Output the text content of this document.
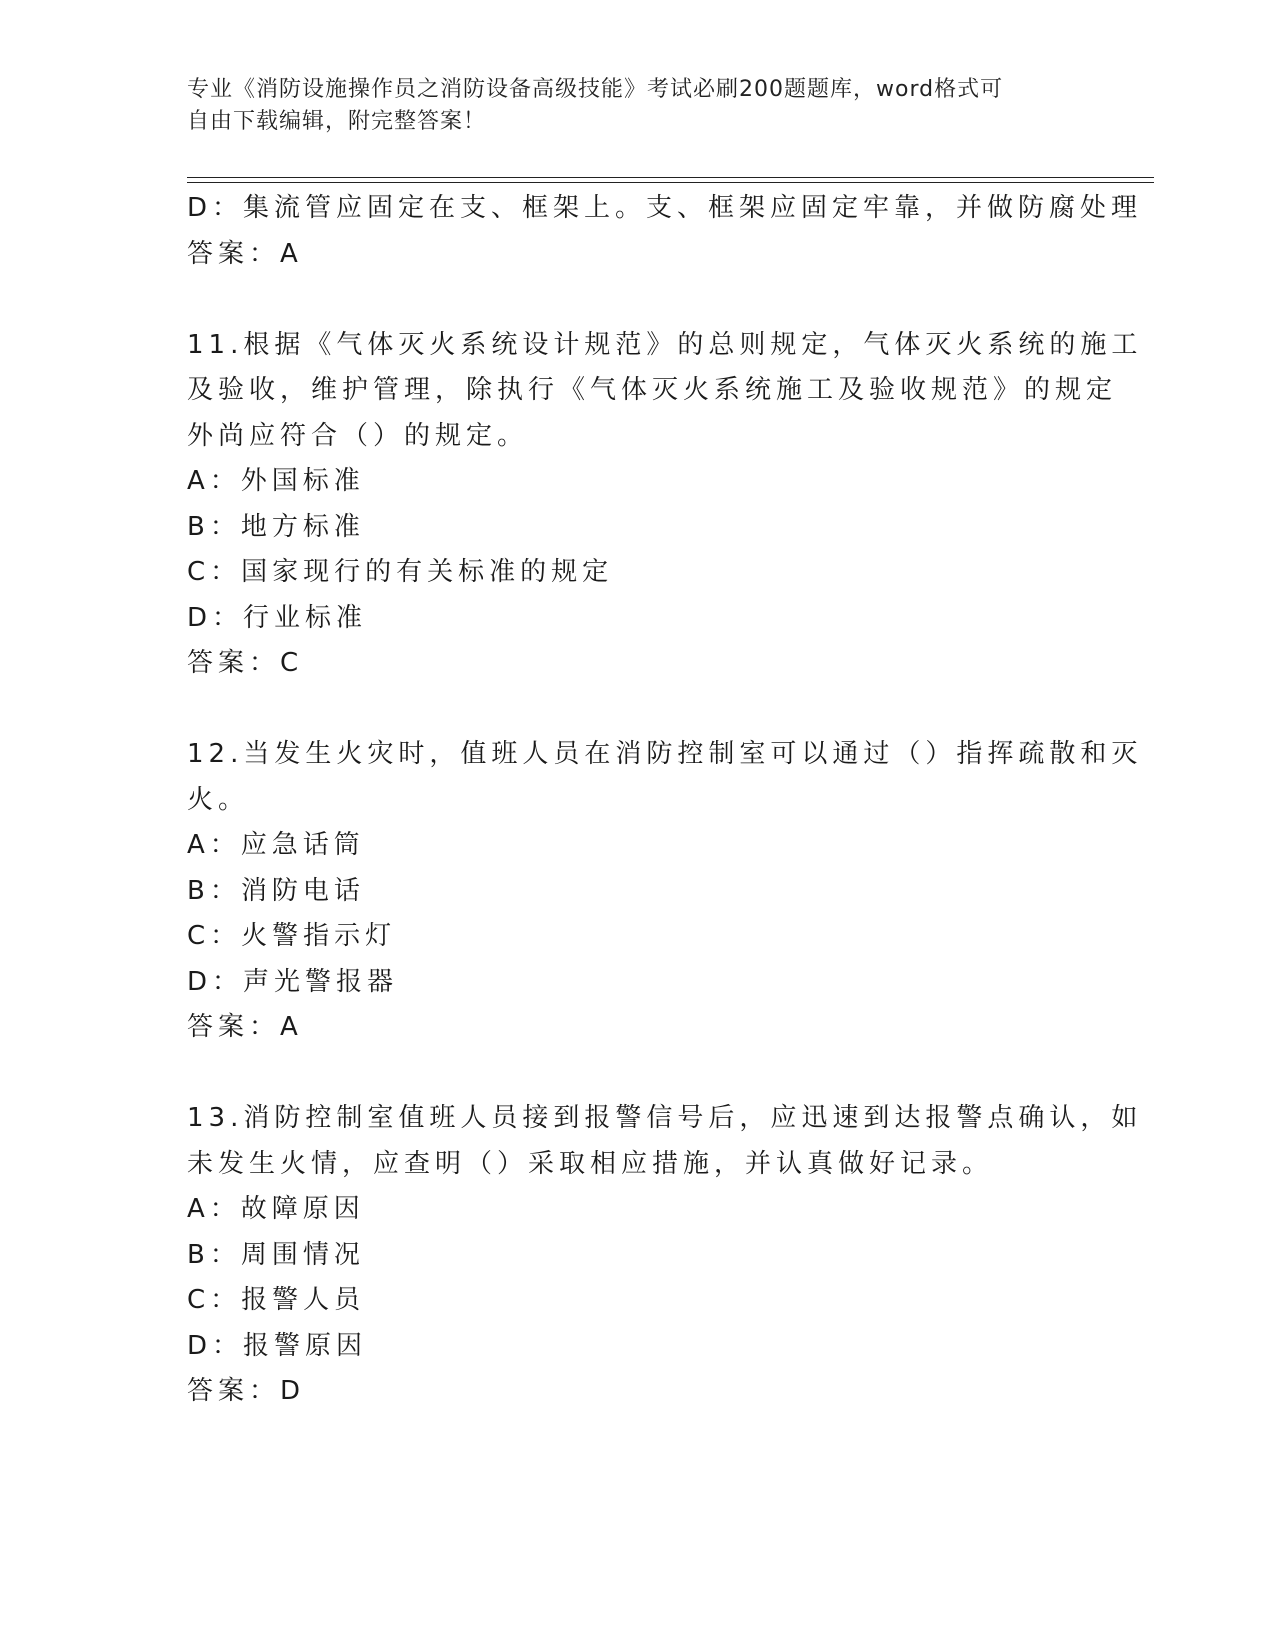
专业《消防设施操作员之消防设备高级技能》考试必刷200题题库，word格式可
自由下载编辑，附完整答案！
D：集流管应固定在支、框架上。支、框架应固定牢靠，并做防腐处理
答案：A
11.根据《气体灭火系统设计规范》的总则规定，气体灭火系统的施工
及验收，维护管理，除执行《气体灭火系统施工及验收规范》的规定
外尚应符合（）的规定。
A：外国标准
B：地方标准
C：国家现行的有关标准的规定
D：行业标准
答案：C
12.当发生火灾时，值班人员在消防控制室可以通过（）指挥疏散和灭
火。
A：应急话筒
B：消防电话
C：火警指示灯
D：声光警报器
答案：A
13.消防控制室值班人员接到报警信号后，应迅速到达报警点确认，如
未发生火情，应查明（）采取相应措施，并认真做好记录。
A：故障原因
B：周围情况
C：报警人员
D：报警原因
答案：D
